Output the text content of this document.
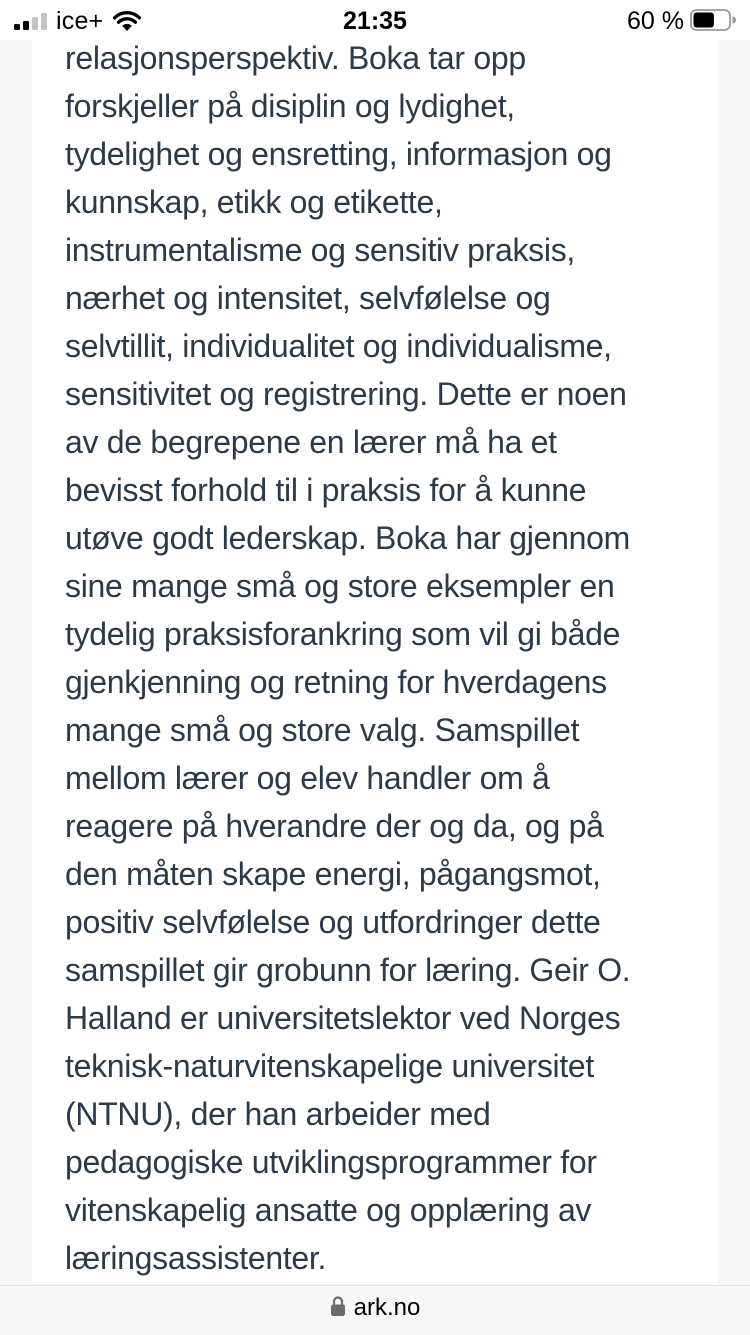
ice+	21:35	60 %

relasjonsperspektiv. Boka tar opp
forskjeller på disiplin og lydighet,
tydelighet og ensretting, informasjon og
kunnskap, etikk og etikette,
instrumentalisme og sensitiv praksis,
nærhet og intensitet, selvfølelse og
selvtillit, individualitet og individualisme,
sensitivitet og registrering. Dette er noen
av de begrepene en lærer må ha et
bevisst forhold til i praksis for å kunne
utøve godt lederskap. Boka har gjennom
sine mange små og store eksempler en
tydelig praksisforankring som vil gi både
gjenkjenning og retning for hverdagens
mange små og store valg. Samspillet
mellom lærer og elev handler om å
reagere på hverandre der og da, og på
den måten skape energi, pågangsmot,
positiv selvfølelse og utfordringer dette
samspillet gir grobunn for læring. Geir O.
Halland er universitetslektor ved Norges
teknisk-naturvitenskapelige universitet
(NTNU), der han arbeider med
pedagogiske utviklingsprogrammer for
vitenskapelig ansatte og opplæring av
læringsassistenter.

ark.no
